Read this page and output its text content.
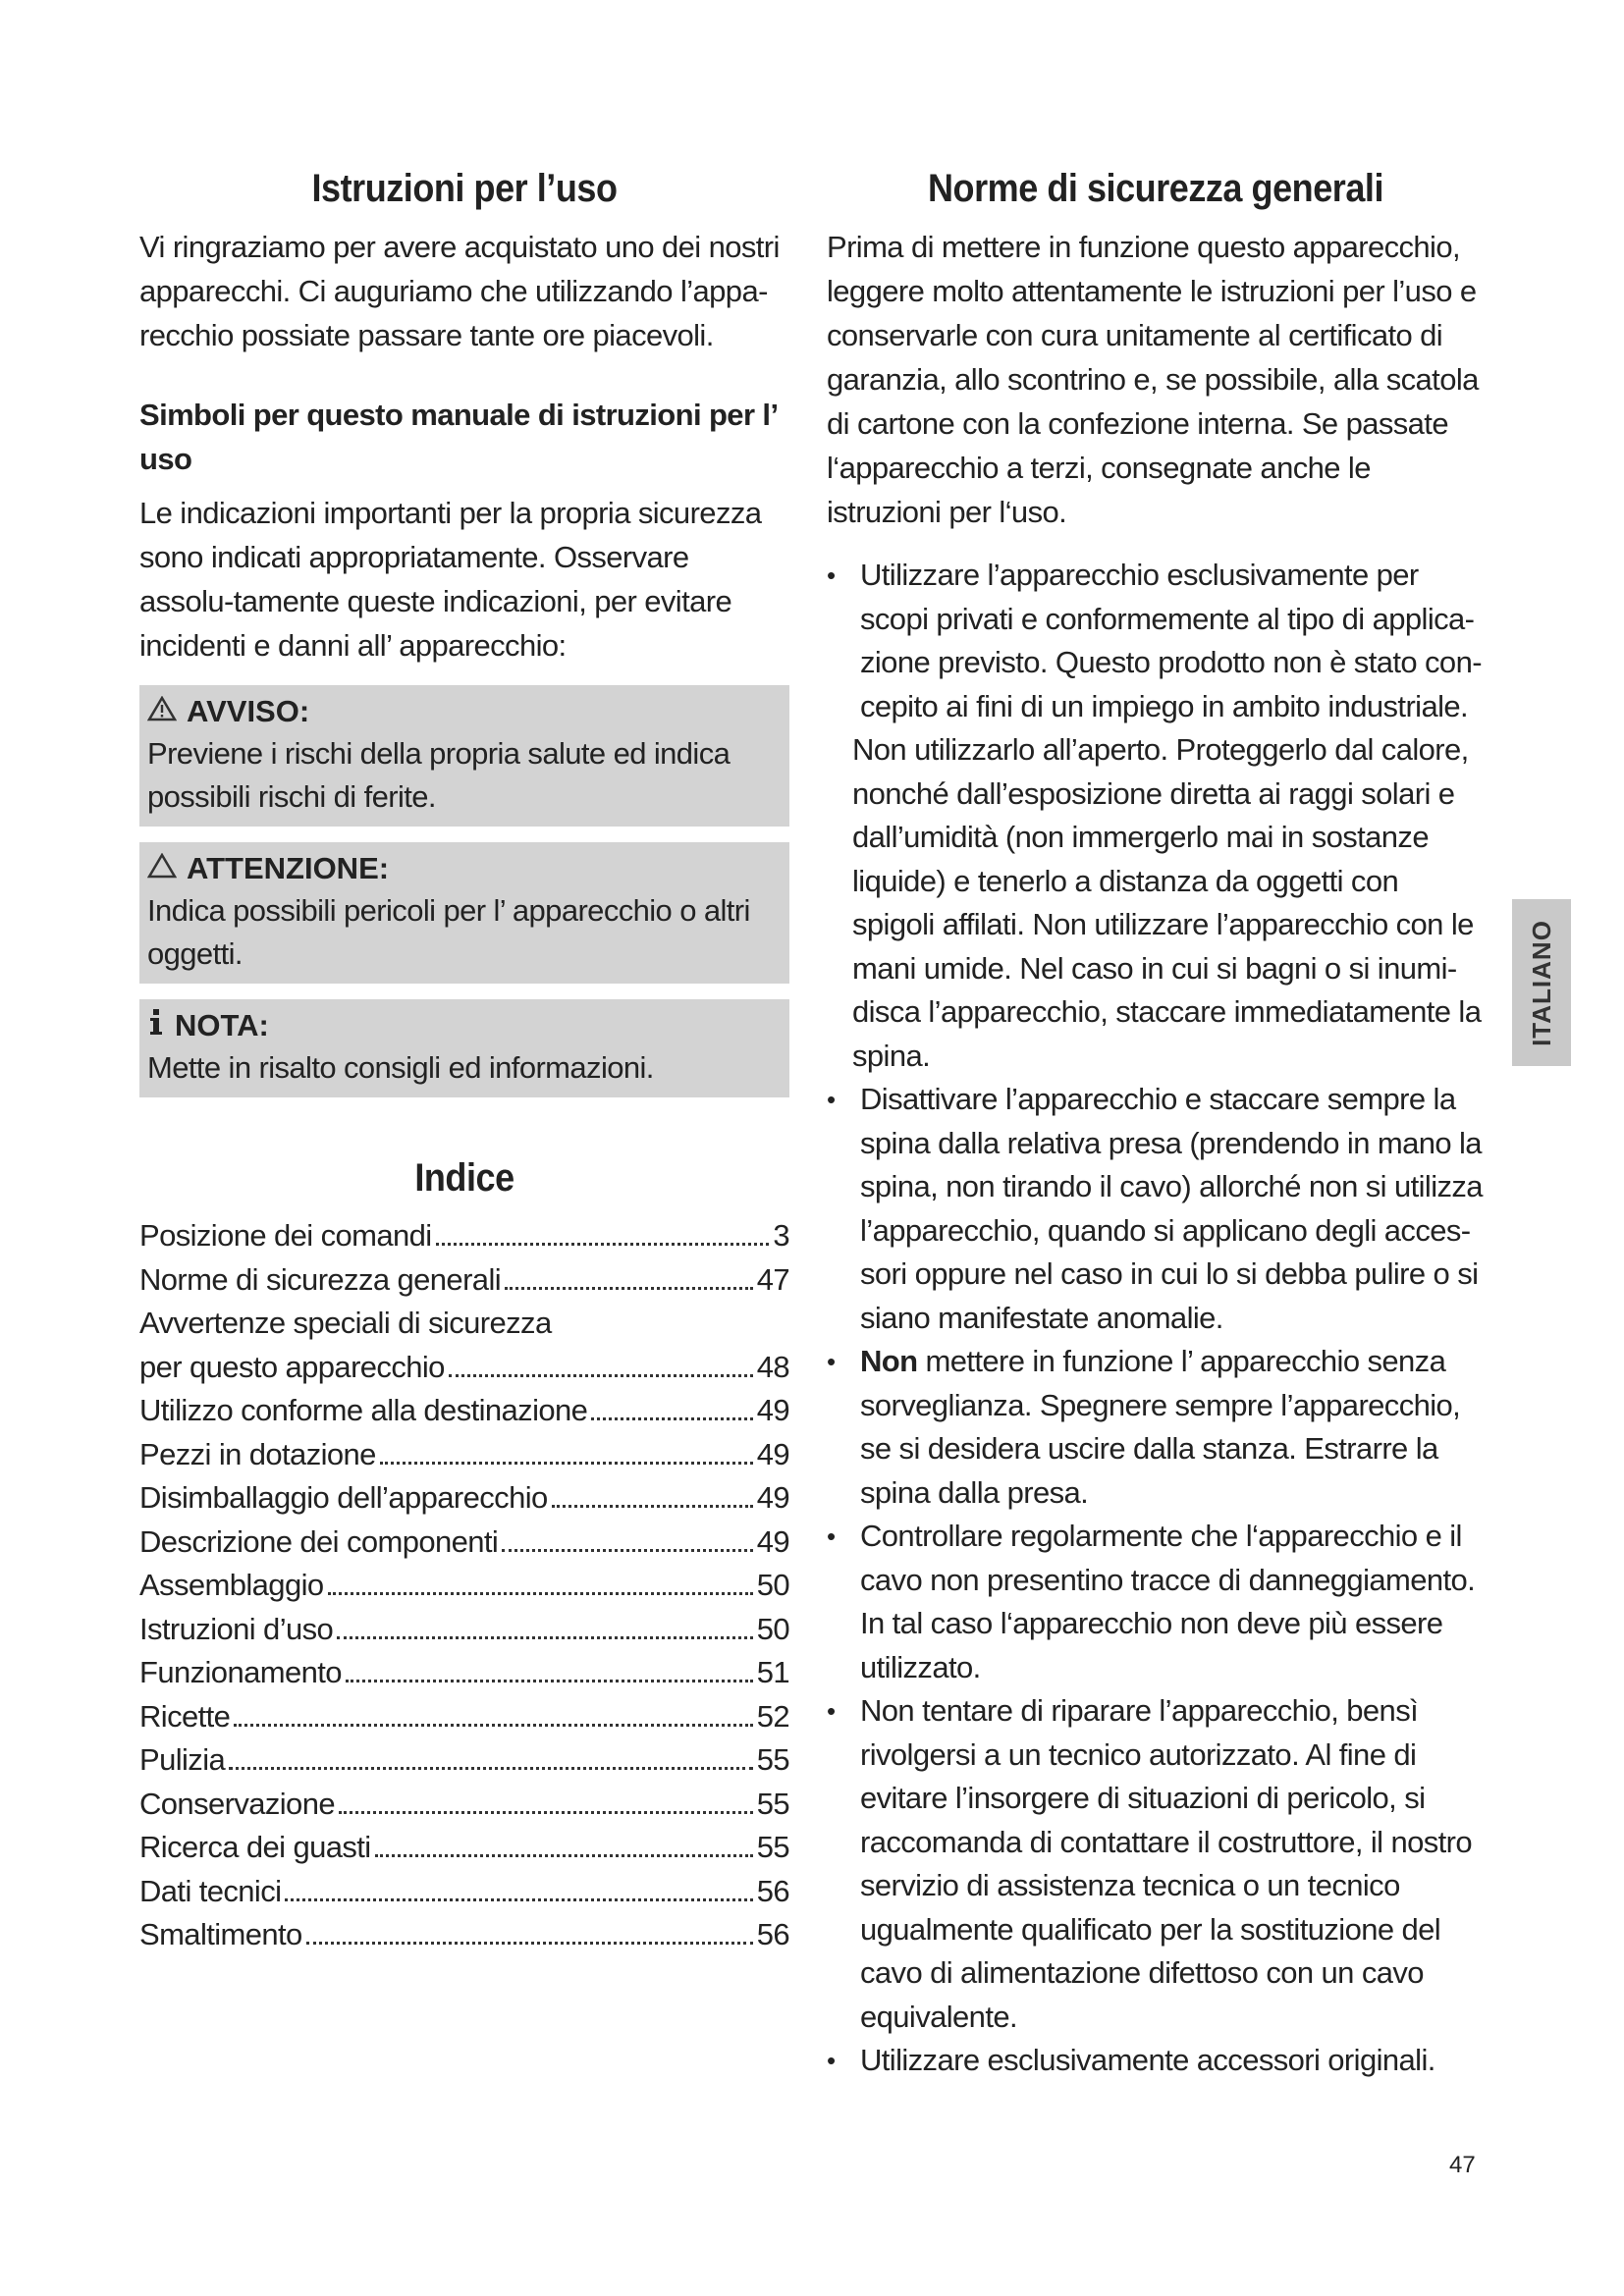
Istruzioni per l’uso

Vi ringraziamo per avere acquistato uno dei nostri apparecchi. Ci auguriamo che utilizzando l’appa-recchio possiate passare tante ore piacevoli.

Simboli per questo manuale di istruzioni per l’ uso

Le indicazioni importanti per la propria sicurezza sono indicati appropriatamente. Osservare assolu-tamente queste indicazioni, per evitare incidenti e danni all’ apparecchio:

AVVISO:
Previene i rischi della propria salute ed indica possibili rischi di ferite.
ATTENZIONE:
Indica possibili pericoli per l’ apparecchio o altri oggetti.
NOTA:
Mette in risalto consigli ed informazioni.
Indice
Posizione dei comandi	3
Norme di sicurezza generali	47
Avvertenze speciali di sicurezza
per questo apparecchio	48
Utilizzo conforme alla destinazione	49
Pezzi in dotazione	49
Disimballaggio dell’apparecchio	49
Descrizione dei componenti	49
Assemblaggio	50
Istruzioni d’uso	50
Funzionamento	51
Ricette	52
Pulizia	55
Conservazione	55
Ricerca dei guasti	55
Dati tecnici	56
Smaltimento	56
Norme di sicurezza generali

Prima di mettere in funzione questo apparecchio, leggere molto attentamente le istruzioni per l’uso e conservarle con cura unitamente al certificato di garanzia, allo scontrino e, se possibile, alla scatola di cartone con la confezione interna. Se passate l‘apparecchio a terzi, consegnate anche le istruzioni per l‘uso.

• Utilizzare l’apparecchio esclusivamente per scopi privati e conformemente al tipo di applica-zione previsto. Questo prodotto non è stato con-cepito ai fini di un impiego in ambito industriale.
Non utilizzarlo all’aperto. Proteggerlo dal calore, nonché dall’esposizione diretta ai raggi solari e dall’umidità (non immergerlo mai in sostanze liquide) e tenerlo a distanza da oggetti con spigoli affilati. Non utilizzare l’apparecchio con le mani umide. Nel caso in cui si bagni o si inumi-disca l’apparecchio, staccare immediatamente la spina.
• Disattivare l’apparecchio e staccare sempre la spina dalla relativa presa (prendendo in mano la spina, non tirando il cavo) allorché non si utilizza l’apparecchio, quando si applicano degli acces-sori oppure nel caso in cui lo si debba pulire o si siano manifestate anomalie.
• Non mettere in funzione l’ apparecchio senza sorveglianza. Spegnere sempre l’apparecchio, se si desidera uscire dalla stanza. Estrarre la spina dalla presa.
• Controllare regolarmente che l‘apparecchio e il cavo non presentino tracce di danneggiamento. In tal caso l‘apparecchio non deve più essere utilizzato.
• Non tentare di riparare l’apparecchio, bensì rivolgersi a un tecnico autorizzato. Al fine di evitare l’insorgere di situazioni di pericolo, si raccomanda di contattare il costruttore, il nostro servizio di assistenza tecnica o un tecnico ugualmente qualificato per la sostituzione del cavo di alimentazione difettoso con un cavo equivalente.
• Utilizzare esclusivamente accessori originali.
ITALIANO
47
